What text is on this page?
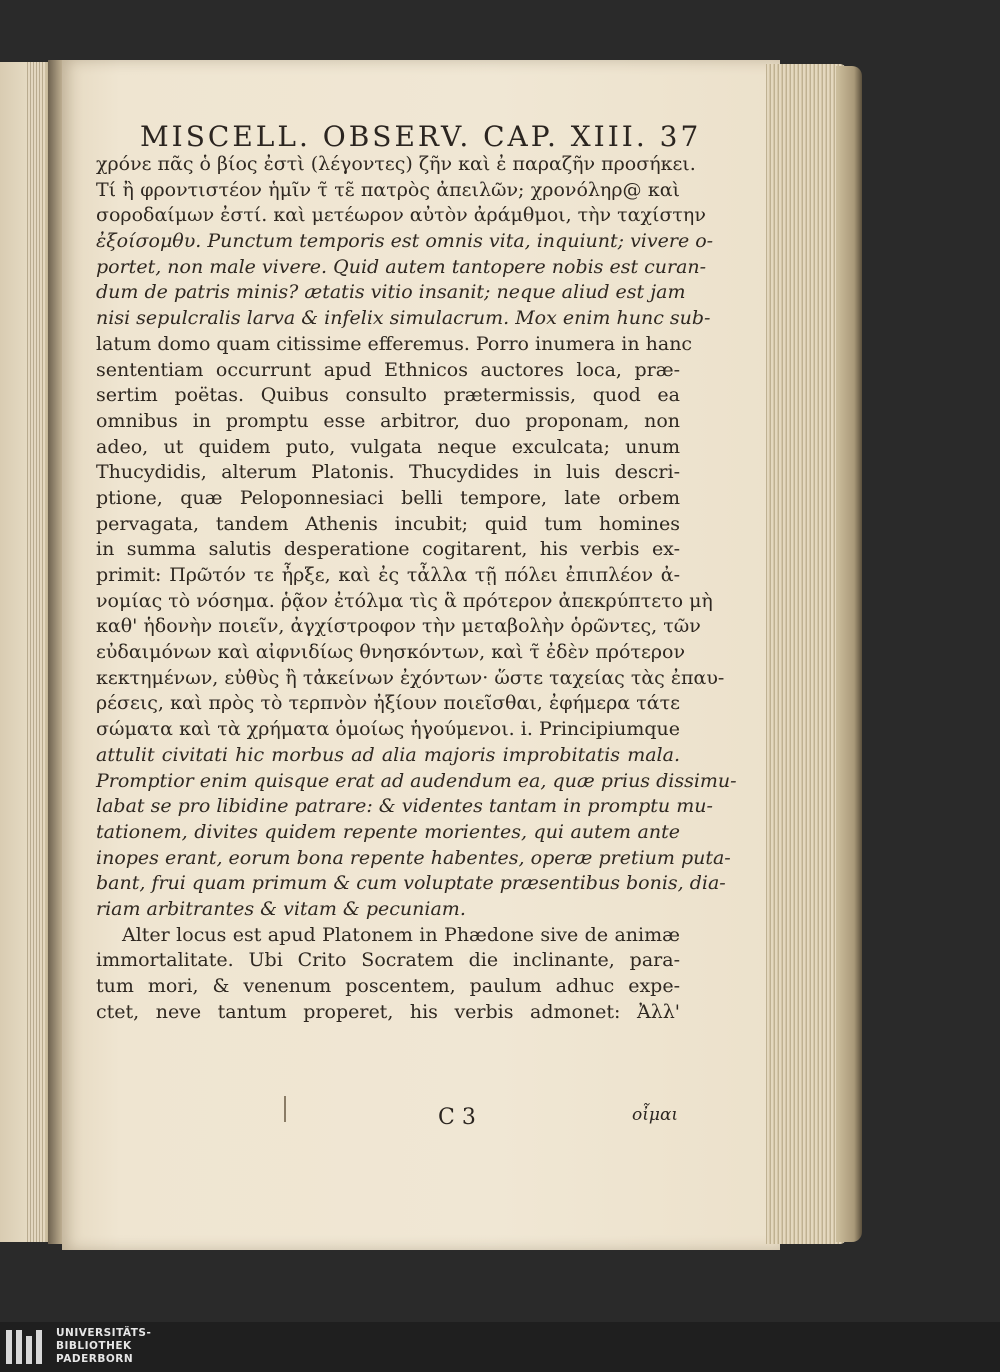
MISCELL. OBSERV. CAP. XIII. 37
χρόνε πᾶς ὁ βίος ἐστὶ (λέγοντες) ζῆν καὶ ἐ παραζῆν προσήκει.
Τί ἢ φροντιστέον ἡμῖν τ̃ τε̃ πατρὸς ἀπειλῶν; χρονόληρ@ καὶ
σοροδαίμων ἐστί. καὶ μετέωρον αὐτὸν ἀράμθμοι, τὴν ταχίστην
ἐξοίσομθυ. Punctum temporis est omnis vita, inquiunt; vivere o-
portet, non male vivere. Quid autem tantopere nobis est curan-
dum de patris minis? ætatis vitio insanit; neque aliud est jam
nisi sepulcralis larva & infelix simulacrum. Mox enim hunc sub-
latum domo quam citissime efferemus. Porro inumera in hanc
sententiam occurrunt apud Ethnicos auctores loca, præ-
sertim poëtas. Quibus consulto prætermissis, quod ea
omnibus in promptu esse arbitror, duo proponam, non
adeo, ut quidem puto, vulgata neque exculcata; unum
Thucydidis, alterum Platonis. Thucydides in luis descri-
ptione, quæ Peloponnesiaci belli tempore, late orbem
pervagata, tandem Athenis incubit; quid tum homines
in summa salutis desperatione cogitarent, his verbis ex-
primit: Πρῶτόν τε ἦρξε, καὶ ἐς τἆλλα τῇ πόλει ἐπιπλέον ἀ-
νομίας τὸ νόσημα. ῥᾷον ἐτόλμα τὶς ἃ πρότερον ἀπεκρύπτετο μὴ
καθ' ἡδονὴν ποιεῖν, ἀγχίστροφον τὴν μεταβολὴν ὁρῶντες, τῶν
εὐδαιμόνων καὶ αἰφνιδίως θνησκόντων, καὶ τ̃ ἐδὲν πρότερον
κεκτημένων, εὐθὺς ἢ τἀκείνων ἐχόντων· ὥστε ταχείας τὰς ἐπαυ-
ρέσεις, καὶ πρὸς τὸ τερπνὸν ἠξίουν ποιεῖσθαι, ἐφήμερα τάτε
σώματα καὶ τὰ χρήματα ὁμοίως ἡγούμενοι. i. Principiumque
attulit civitati hic morbus ad alia majoris improbitatis mala.
Promptior enim quisque erat ad audendum ea, quæ prius dissimu-
labat se pro libidine patrare: & videntes tantam in promptu mu-
tationem, divites quidem repente morientes, qui autem ante
inopes erant, eorum bona repente habentes, operæ pretium puta-
bant, frui quam primum & cum voluptate præsentibus bonis, dia-
riam arbitrantes & vitam & pecuniam.
Alter locus est apud Platonem in Phædone sive de animæ
immortalitate. Ubi Crito Socratem die inclinante, para-
tum mori, & venenum poscentem, paulum adhuc expe-
ctet, neve tantum properet, his verbis admonet: Ἀλλ'
C 3	οἶμαι
UNIVERSITÄTS-
BIBLIOTHEK
PADERBORN
